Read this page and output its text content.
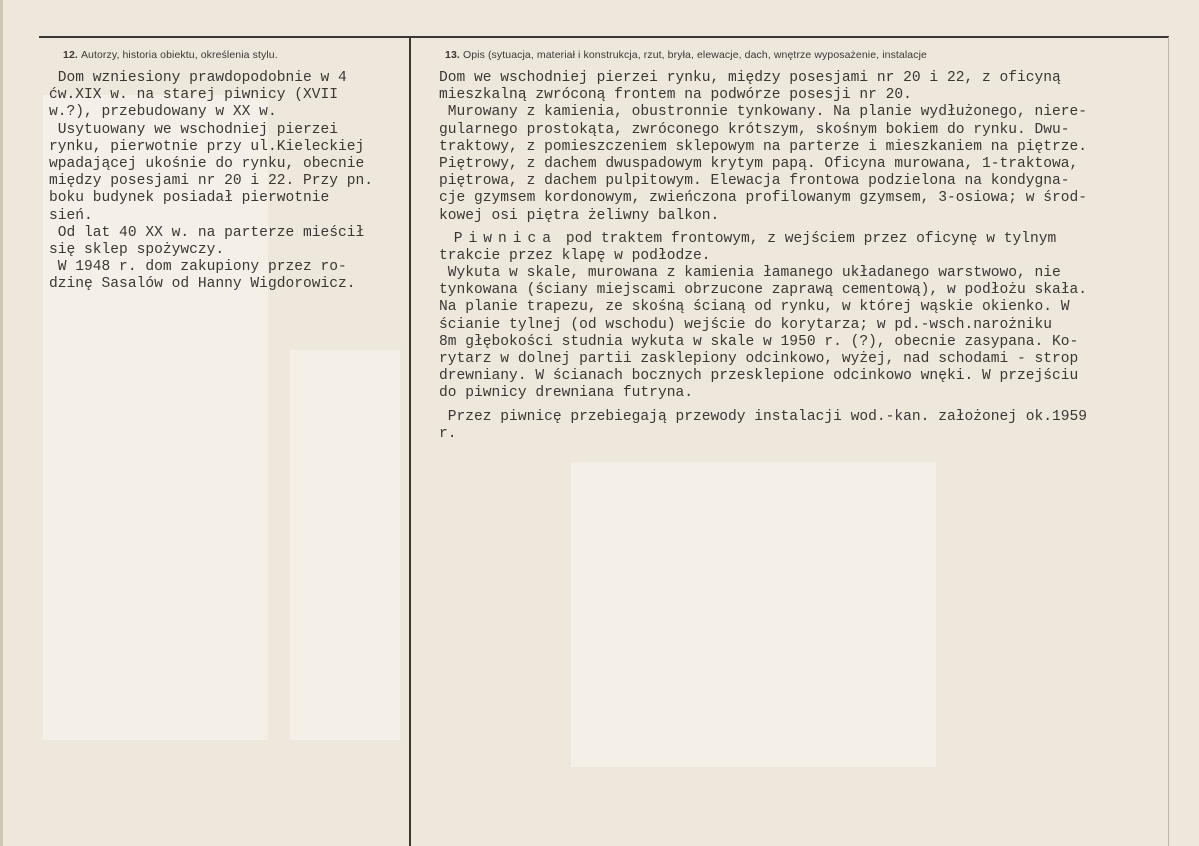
12. Autorzy, historia obiektu, określenia stylu.	13. Opis (sytuacja, materiał i konstrukcja, rzut, bryła, elewacje, dach, wnętrze wyposażenie, instalacje
Dom wzniesiony prawdopodobnie w 4
ćw.XIX w. na starej piwnicy (XVII
w.?), przebudowany w XX w.
Usytuowany we wschodniej pierzei
rynku, pierwotnie przy ul.Kieleckiej
wpadającej ukośnie do rynku, obecnie
między posesjami nr 20 i 22. Przy pn.
boku budynek posiadał pierwotnie
sień.
Od lat 40 XX w. na parterze mieścił
się sklep spożywczy.
W 1948 r. dom zakupiony przez ro-
dzinę Sasalów od Hanny Wigdorowicz.
Dom we wschodniej pierzei rynku, między posesjami nr 20 i 22, z oficyną
mieszkalną zwróconą frontem na podwórze posesji nr 20.
Murowany z kamienia, obustronnie tynkowany. Na planie wydłużonego, niere-
gularnego prostokąta, zwróconego krótszym, skośnym bokiem do rynku. Dwu-
traktowy, z pomieszczeniem sklepowym na parterze i mieszkaniem na piętrze.
Piętrowy, z dachem dwuspadowym krytym papą. Oficyna murowana, 1-traktowa,
piętrowa, z dachem pulpitowym. Elewacja frontowa podzielona na kondygna-
cje gzymsem kordonowym, zwieńczona profilowanym gzymsem, 3-osiowa; w środ-
kowej osi piętra żeliwny balkon.
Piwnica pod traktem frontowym, z wejściem przez oficynę w tylnym
trakcie przez klapę w podłodze.
Wykuta w skale, murowana z kamienia łamanego układanego warstwowo, nie
tynkowana (ściany miejscami obrzucone zaprawą cementową), w podłożu skała.
Na planie trapezu, ze skośną ścianą od rynku, w której wąskie okienko. W
ścianie tylnej (od wschodu) wejście do korytarza; w pd.-wsch.narożniku
8m głębokości studnia wykuta w skale w 1950 r. (?), obecnie zasypana. Ko-
rytarz w dolnej partii zasklepiony odcinkowo, wyżej, nad schodami - strop
drewniany. W ścianach bocznych przesklepione odcinkowo wnęki. W przejściu
do piwnicy drewniana futryna.
Przez piwnicę przebiegają przewody instalacji wod.-kan. założonej ok.1959
r.
